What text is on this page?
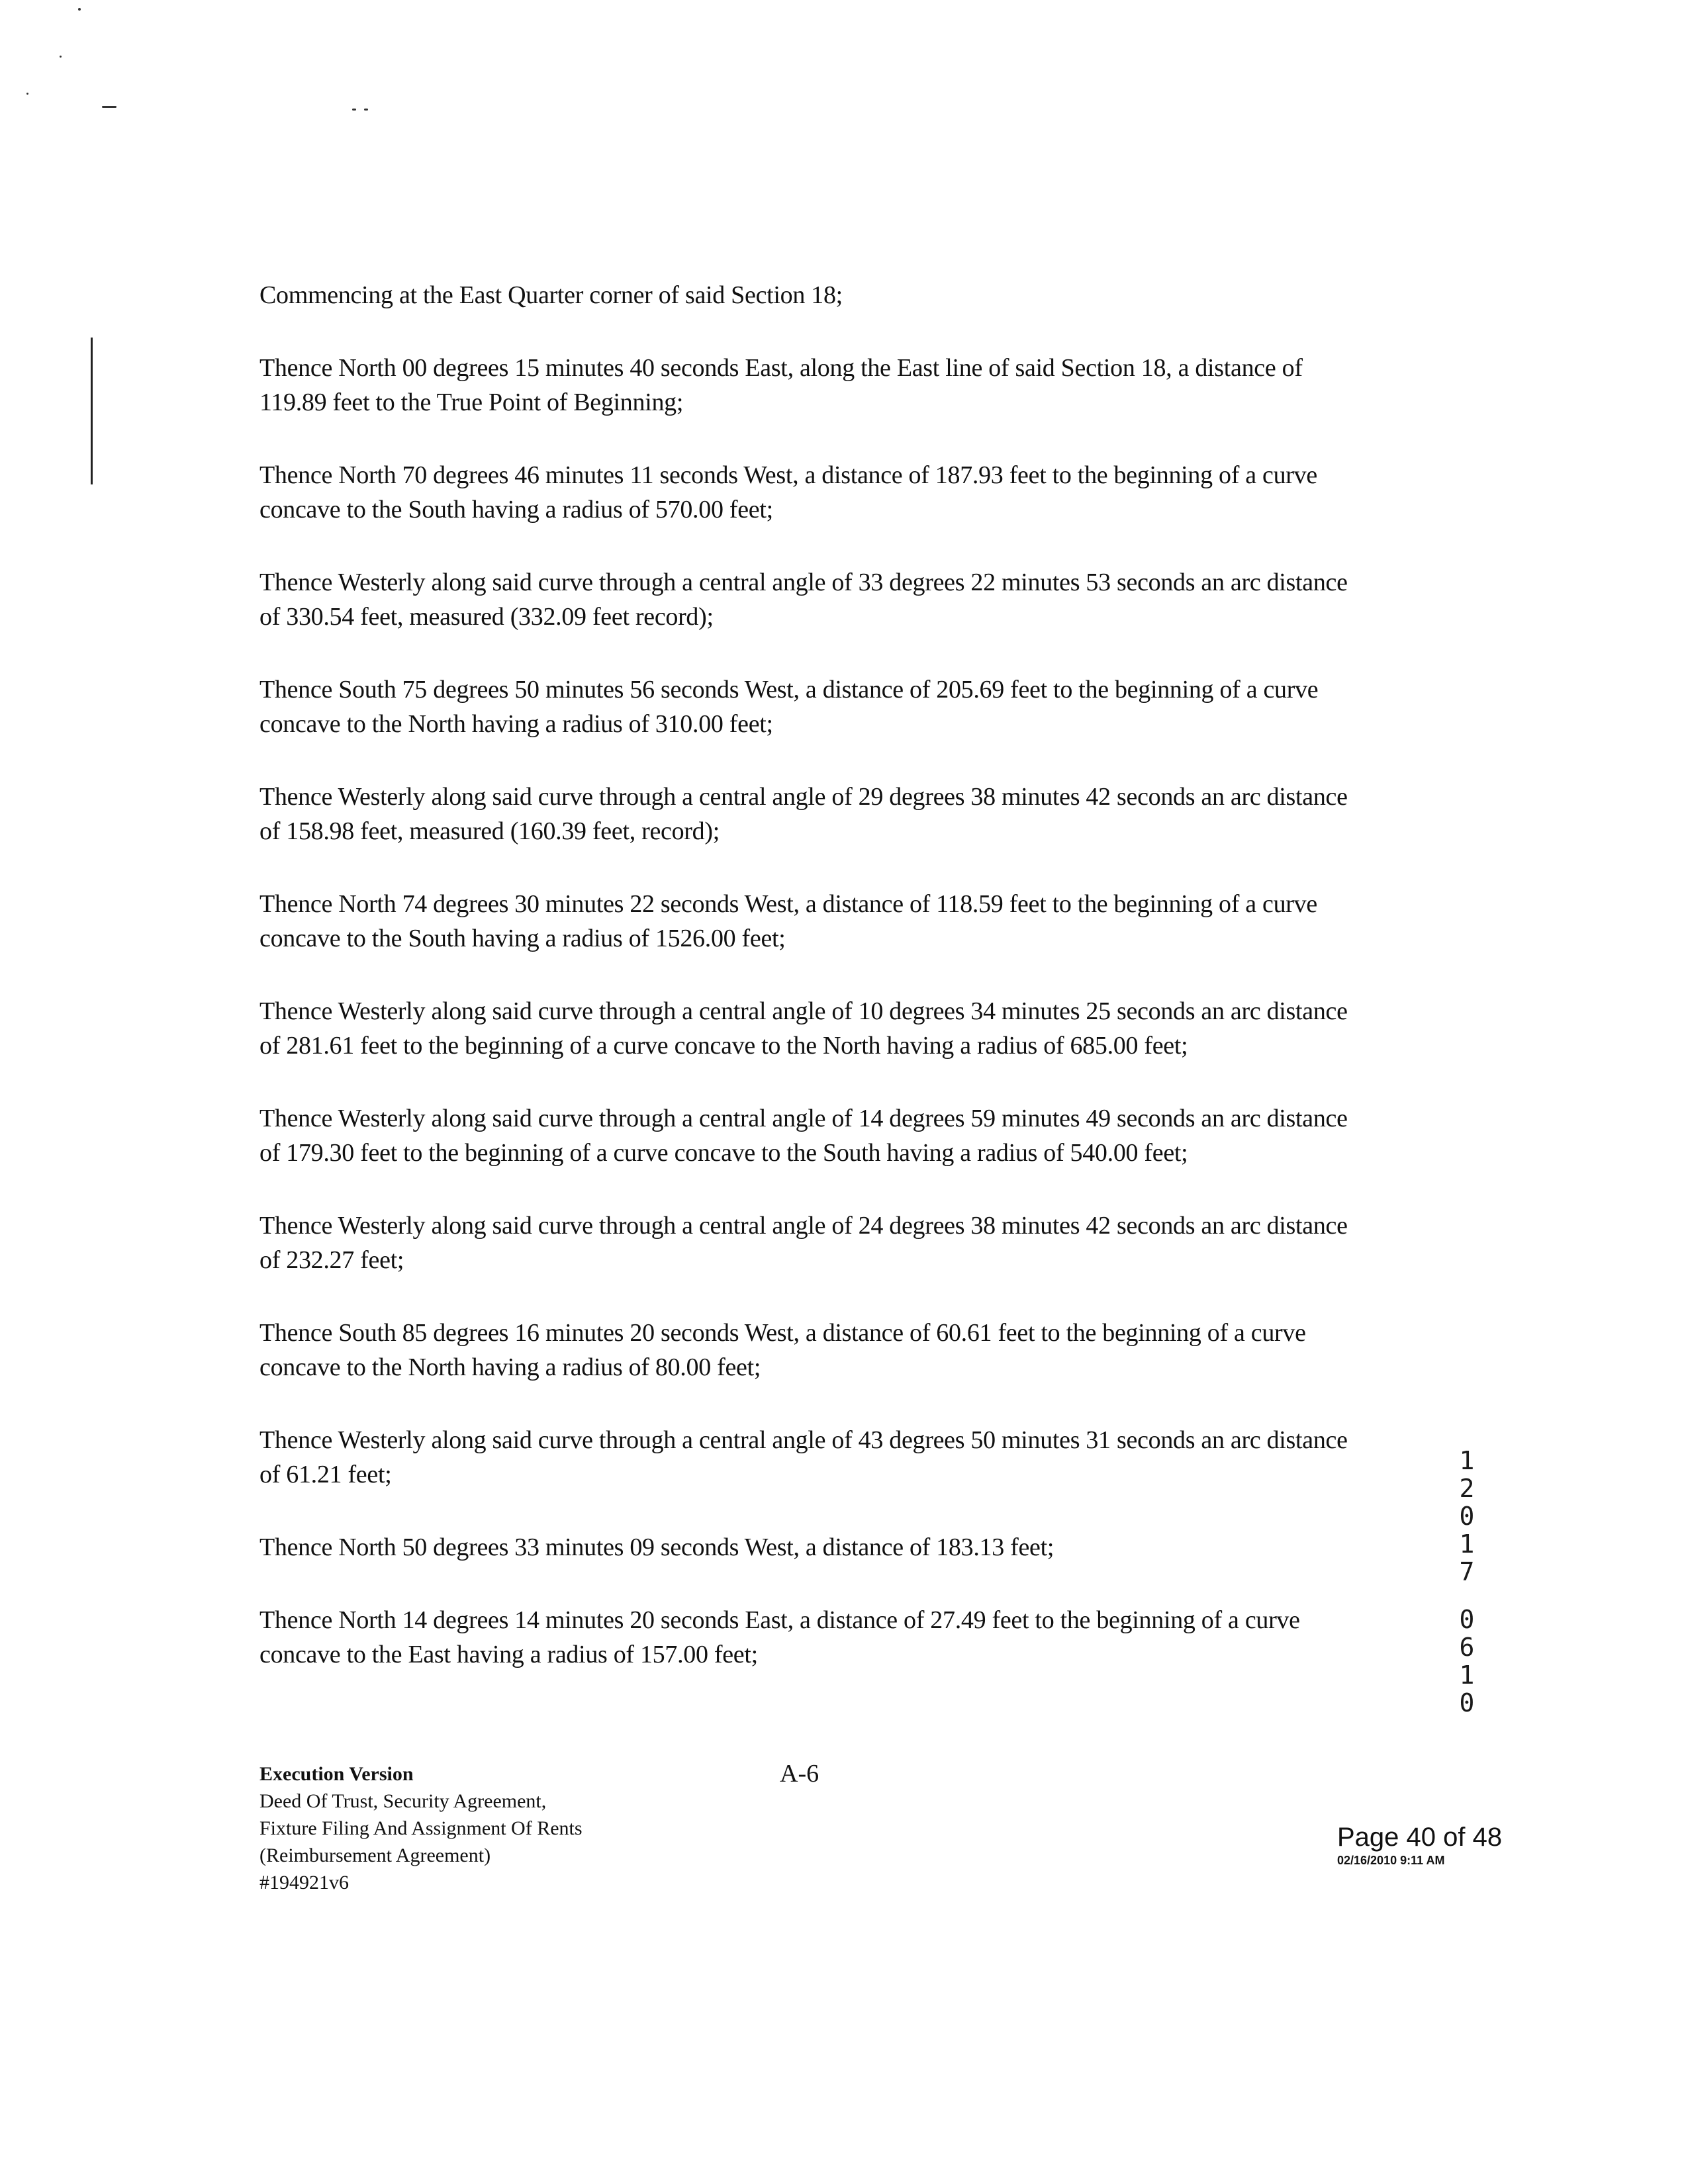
Commencing at the East Quarter corner of said Section 18;

Thence North 00 degrees 15 minutes 40 seconds East, along the East line of said Section 18, a distance of 119.89 feet to the True Point of Beginning;

Thence North 70 degrees 46 minutes 11 seconds West, a distance of 187.93 feet to the beginning of a curve concave to the South having a radius of 570.00 feet;

Thence Westerly along said curve through a central angle of 33 degrees 22 minutes 53 seconds an arc distance of 330.54 feet, measured (332.09 feet record);

Thence South 75 degrees 50 minutes 56 seconds West, a distance of 205.69 feet to the beginning of a curve concave to the North having a radius of 310.00 feet;

Thence Westerly along said curve through a central angle of 29 degrees 38 minutes 42 seconds an arc distance of 158.98 feet, measured (160.39 feet, record);

Thence North 74 degrees 30 minutes 22 seconds West, a distance of 118.59 feet to the beginning of a curve concave to the South having a radius of 1526.00 feet;

Thence Westerly along said curve through a central angle of 10 degrees 34 minutes 25 seconds an arc distance of 281.61 feet to the beginning of a curve concave to the North having a radius of 685.00 feet;

Thence Westerly along said curve through a central angle of 14 degrees 59 minutes 49 seconds an arc distance of 179.30 feet to the beginning of a curve concave to the South having a radius of 540.00 feet;

Thence Westerly along said curve through a central angle of 24 degrees 38 minutes 42 seconds an arc distance of 232.27 feet;

Thence South 85 degrees 16 minutes 20 seconds West, a distance of 60.61 feet to the beginning of a curve concave to the North having a radius of 80.00 feet;

Thence Westerly along said curve through a central angle of 43 degrees 50 minutes 31 seconds an arc distance of 61.21 feet;

Thence North 50 degrees 33 minutes 09 seconds West, a distance of 183.13 feet;

Thence North 14 degrees 14 minutes 20 seconds East, a distance of 27.49 feet to the beginning of a curve concave to the East having a radius of 157.00 feet;

1
2
0
1
7
0
6
1
0
Execution Version
Deed Of Trust, Security Agreement,
Fixture Filing And Assignment Of Rents
(Reimbursement Agreement)
#194921v6
A-6
Page 40 of 48
02/16/2010 9:11 AM
